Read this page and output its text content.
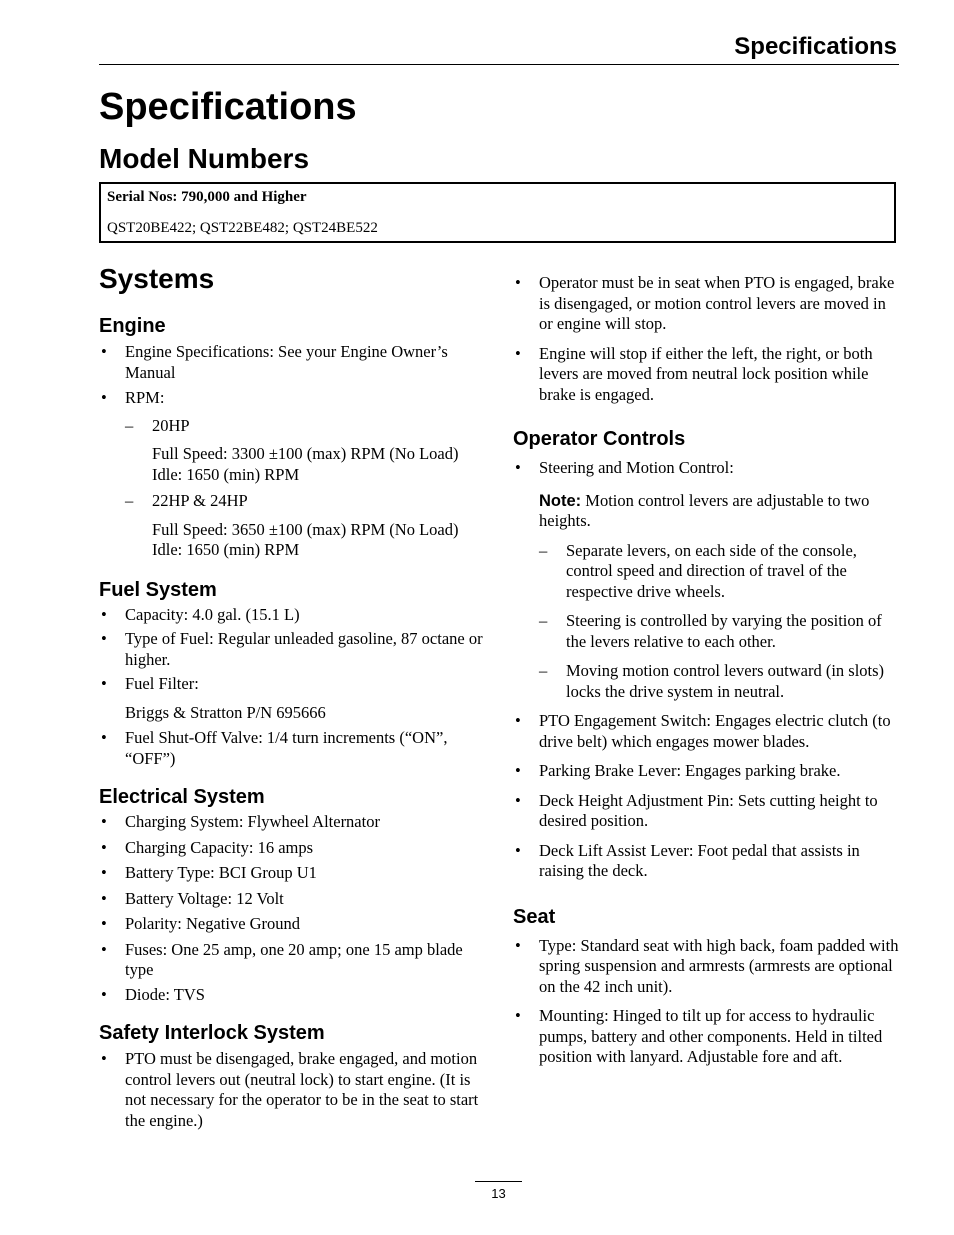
Specifications
Specifications
Model Numbers
Serial Nos: 790,000 and Higher
QST20BE422; QST22BE482; QST24BE522
Systems
Engine
• Engine Specifications: See your Engine Owner’s Manual
• RPM:
– 20HP
Full Speed: 3300 ±100 (max) RPM (No Load)
Idle: 1650 (min) RPM
– 22HP & 24HP
Full Speed: 3650 ±100 (max) RPM (No Load)
Idle: 1650 (min) RPM
Fuel System
• Capacity: 4.0 gal. (15.1 L)
• Type of Fuel: Regular unleaded gasoline, 87 octane or higher.
• Fuel Filter:
Briggs & Stratton P/N 695666
• Fuel Shut-Off Valve: 1/4 turn increments (“ON”, “OFF”)
Electrical System
• Charging System: Flywheel Alternator
• Charging Capacity: 16 amps
• Battery Type: BCI Group U1
• Battery Voltage: 12 Volt
• Polarity: Negative Ground
• Fuses: One 25 amp, one 20 amp; one 15 amp blade type
• Diode: TVS
Safety Interlock System
• PTO must be disengaged, brake engaged, and motion control levers out (neutral lock) to start engine. (It is not necessary for the operator to be in the seat to start the engine.)
• Operator must be in seat when PTO is engaged, brake is disengaged, or motion control levers are moved in or engine will stop.
• Engine will stop if either the left, the right, or both levers are moved from neutral lock position while brake is engaged.
Operator Controls
• Steering and Motion Control:
Note: Motion control levers are adjustable to two heights.
– Separate levers, on each side of the console, control speed and direction of travel of the respective drive wheels.
– Steering is controlled by varying the position of the levers relative to each other.
– Moving motion control levers outward (in slots) locks the drive system in neutral.
• PTO Engagement Switch: Engages electric clutch (to drive belt) which engages mower blades.
• Parking Brake Lever: Engages parking brake.
• Deck Height Adjustment Pin: Sets cutting height to desired position.
• Deck Lift Assist Lever: Foot pedal that assists in raising the deck.
Seat
• Type: Standard seat with high back, foam padded with spring suspension and armrests (armrests are optional on the 42 inch unit).
• Mounting: Hinged to tilt up for access to hydraulic pumps, battery and other components. Held in tilted position with lanyard. Adjustable fore and aft.
13
